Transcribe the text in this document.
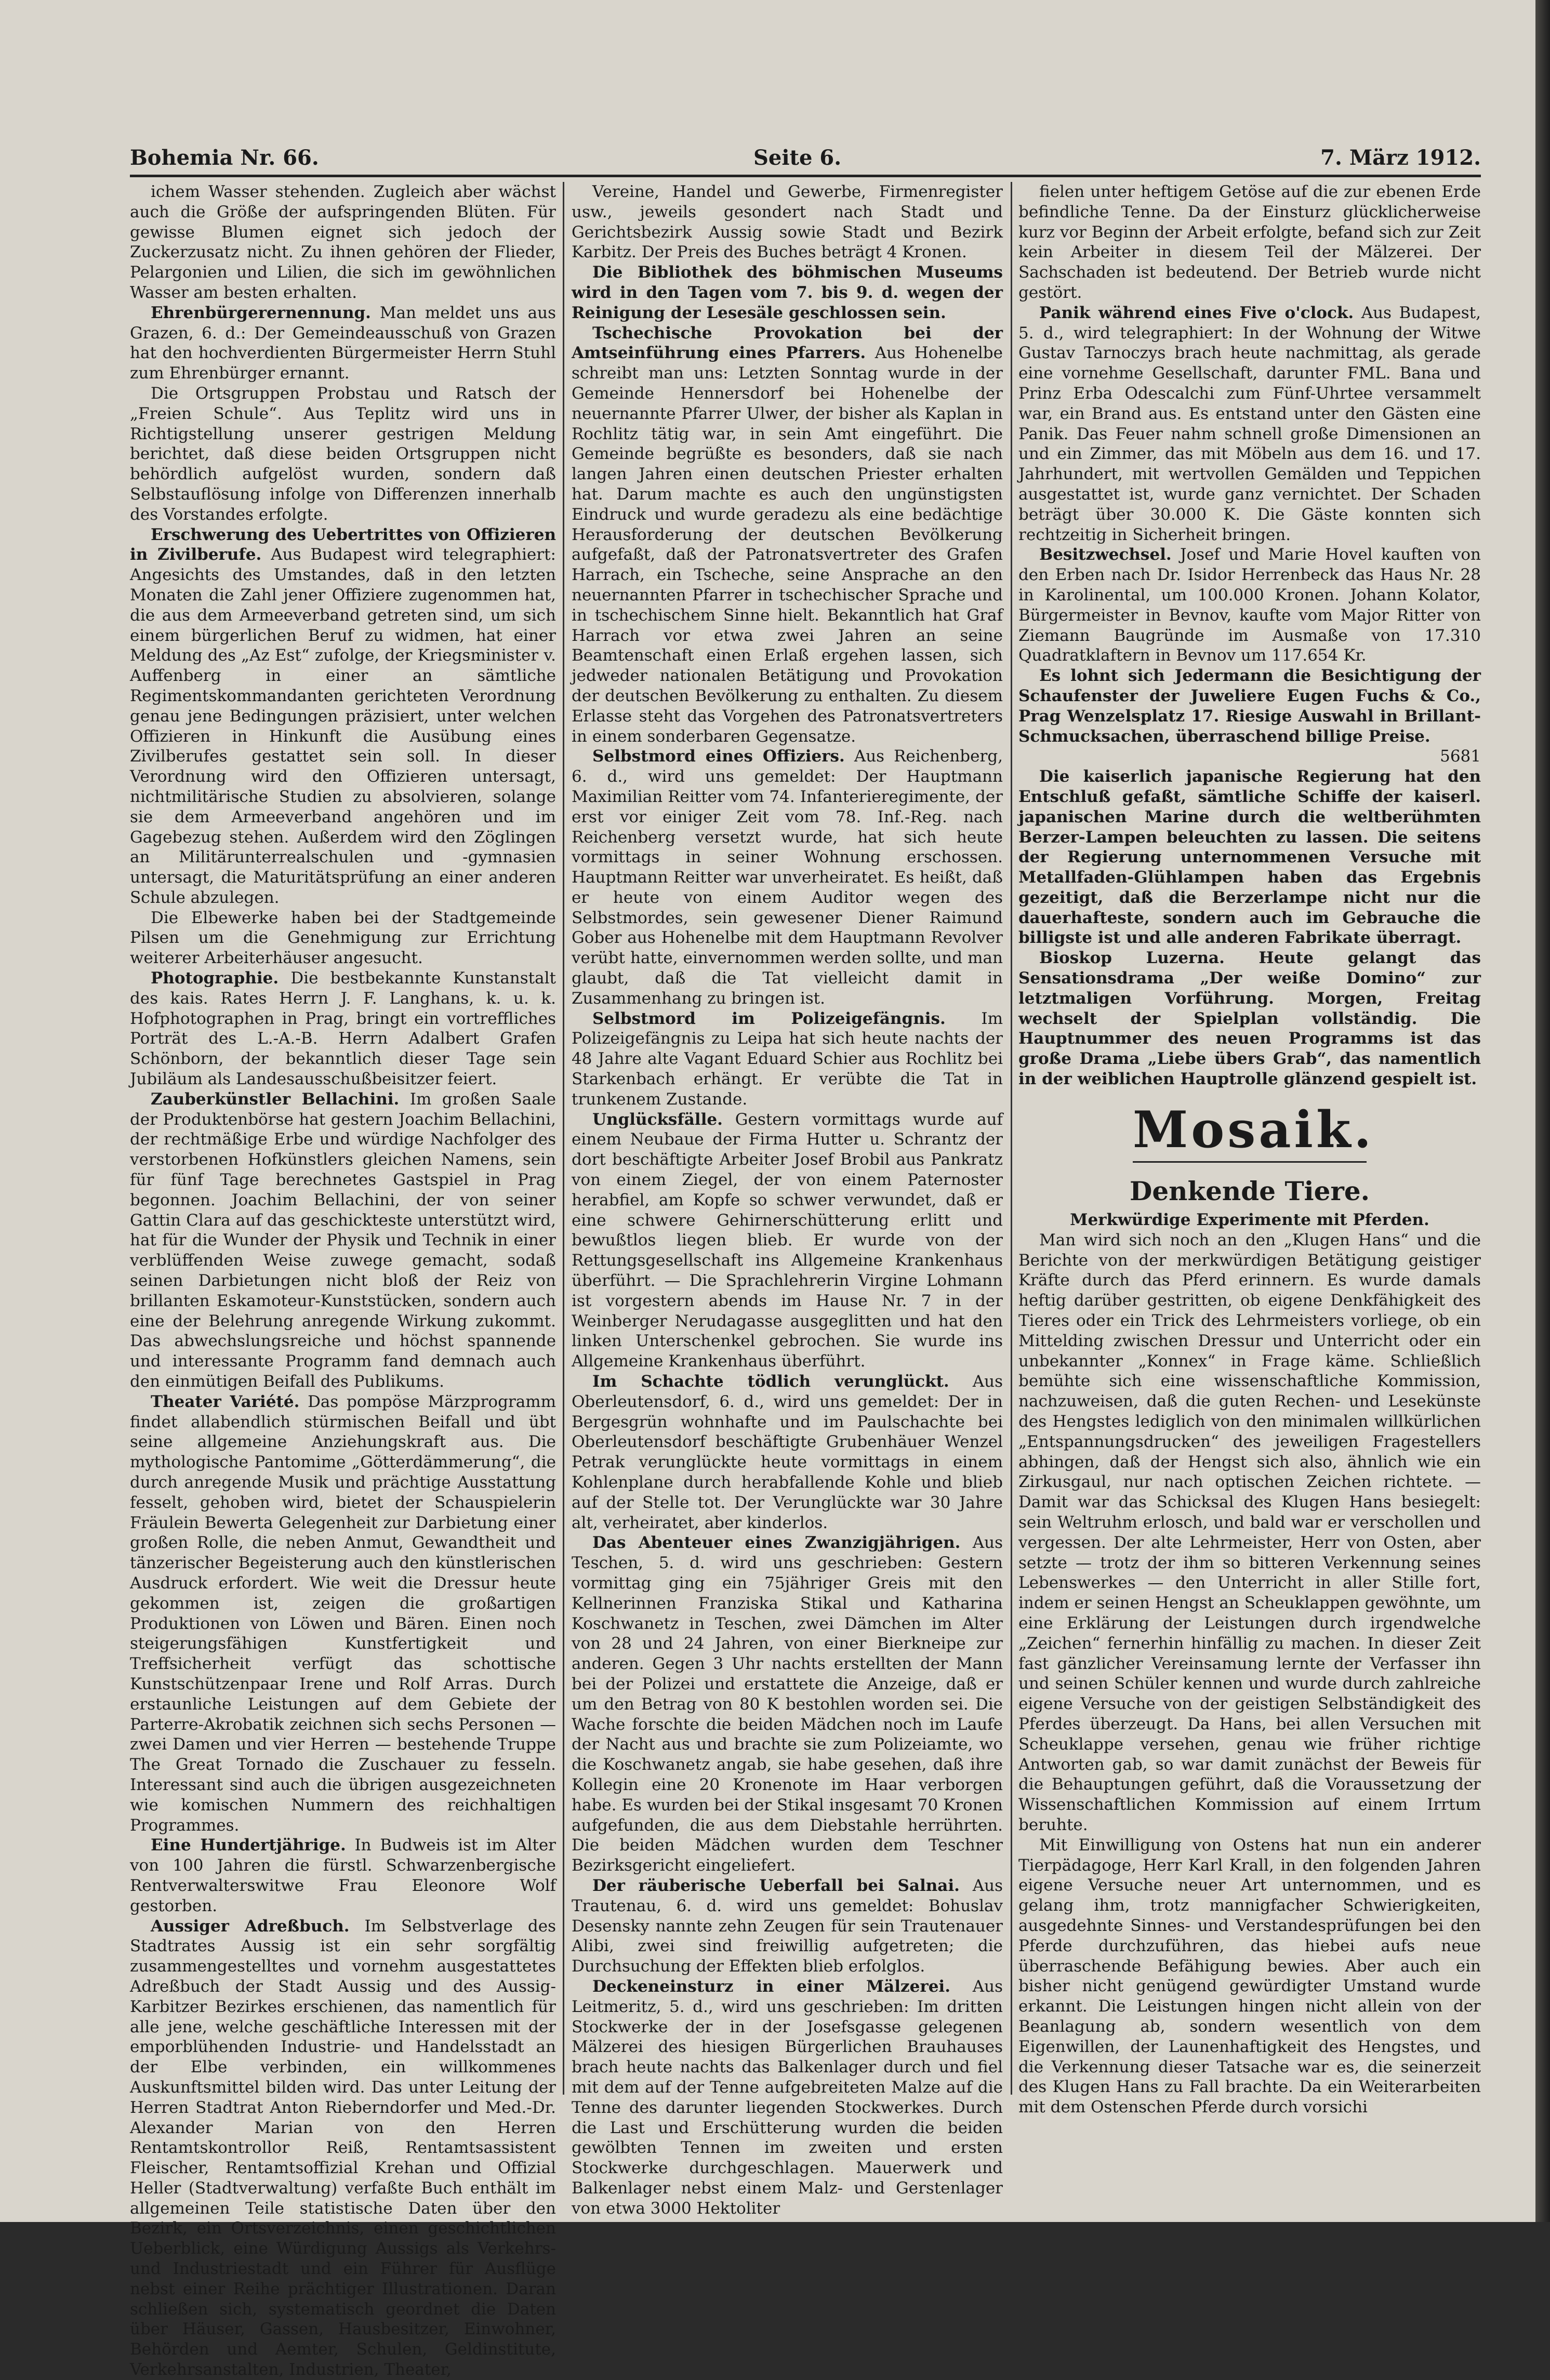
Bohemia Nr. 66.	Seite 6.	7. März 1912.

ichem Wasser stehenden. Zugleich aber wächst auch die Größe der aufspringenden Blüten. Für gewisse Blumen eignet sich jedoch der Zuckerzusatz nicht. Zu ihnen gehören der Flieder, Pelargonien und Lilien, die sich im gewöhnlichen Wasser am besten erhalten.

Ehrenbürgerernennung. Man meldet uns aus Grazen, 6. d.: Der Gemeindeausschuß von Grazen hat den hochverdienten Bürgermeister Herrn Stuhl zum Ehrenbürger ernannt.

Die Ortsgruppen Probstau und Ratsch der „Freien Schule“. Aus Teplitz wird uns in Richtigstellung unserer gestrigen Meldung berichtet, daß diese beiden Ortsgruppen nicht behördlich aufgelöst wurden, sondern daß Selbstauflösung infolge von Differenzen innerhalb des Vorstandes erfolgte.

Erschwerung des Uebertrittes von Offizieren in Zivilberufe. Aus Budapest wird telegraphiert: Angesichts des Umstandes, daß in den letzten Monaten die Zahl jener Offiziere zugenommen hat, die aus dem Armeeverband getreten sind, um sich einem bürgerlichen Beruf zu widmen, hat einer Meldung des „Az Est“ zufolge, der Kriegsminister v. Auffenberg in einer an sämtliche Regimentskommandanten gerichteten Verordnung genau jene Bedingungen präzisiert, unter welchen Offizieren in Hinkunft die Ausübung eines Zivilberufes gestattet sein soll. In dieser Verordnung wird den Offizieren untersagt, nichtmilitärische Studien zu absolvieren, solange sie dem Armeeverband angehören und im Gagebezug stehen. Außerdem wird den Zöglingen an Militärunterrealschulen und -gymnasien untersagt, die Maturitätsprüfung an einer anderen Schule abzulegen.

Die Elbewerke haben bei der Stadtgemeinde Pilsen um die Genehmigung zur Errichtung weiterer Arbeiterhäuser angesucht.

Photographie. Die bestbekannte Kunstanstalt des kais. Rates Herrn J. F. Langhans, k. u. k. Hofphotographen in Prag, bringt ein vortreffliches Porträt des L.-A.-B. Herrn Adalbert Grafen Schönborn, der bekanntlich dieser Tage sein Jubiläum als Landesausschußbeisitzer feiert.

Zauberkünstler Bellachini. Im großen Saale der Produktenbörse hat gestern Joachim Bellachini, der rechtmäßige Erbe und würdige Nachfolger des verstorbenen Hofkünstlers gleichen Namens, sein für fünf Tage berechnetes Gastspiel in Prag begonnen. Joachim Bellachini, der von seiner Gattin Clara auf das geschickteste unterstützt wird, hat für die Wunder der Physik und Technik in einer verblüffenden Weise zuwege gemacht, sodaß seinen Darbietungen nicht bloß der Reiz von brillanten Eskamoteur-Kunststücken, sondern auch eine der Belehrung anregende Wirkung zukommt. Das abwechslungsreiche und höchst spannende und interessante Programm fand demnach auch den einmütigen Beifall des Publikums.

Theater Variété. Das pompöse Märzprogramm findet allabendlich stürmischen Beifall und übt seine allgemeine Anziehungskraft aus. Die mythologische Pantomime „Götterdämmerung“, die durch anregende Musik und prächtige Ausstattung fesselt, gehoben wird, bietet der Schauspielerin Fräulein Bewerta Gelegenheit zur Darbietung einer großen Rolle, die neben Anmut, Gewandtheit und tänzerischer Begeisterung auch den künstlerischen Ausdruck erfordert. Wie weit die Dressur heute gekommen ist, zeigen die großartigen Produktionen von Löwen und Bären. Einen noch steigerungsfähigen Kunstfertigkeit und Treffsicherheit verfügt das schottische Kunstschützenpaar Irene und Rolf Arras. Durch erstaunliche Leistungen auf dem Gebiete der Parterre-Akrobatik zeichnen sich sechs Personen — zwei Damen und vier Herren — bestehende Truppe The Great Tornado die Zuschauer zu fesseln. Interessant sind auch die übrigen ausgezeichneten wie komischen Nummern des reichhaltigen Programmes.

Eine Hundertjährige. In Budweis ist im Alter von 100 Jahren die fürstl. Schwarzenbergische Rentverwalterswitwe Frau Eleonore Wolf gestorben.

Aussiger Adreßbuch. Im Selbstverlage des Stadtrates Aussig ist ein sehr sorgfältig zusammengestelltes und vornehm ausgestattetes Adreßbuch der Stadt Aussig und des Aussig-Karbitzer Bezirkes erschienen, das namentlich für alle jene, welche geschäftliche Interessen mit der emporblühenden Industrie- und Handelsstadt an der Elbe verbinden, ein willkommenes Auskunftsmittel bilden wird. Das unter Leitung der Herren Stadtrat Anton Rieberndorfer und Med.-Dr. Alexander Marian von den Herren Rentamtskontrollor Reiß, Rentamtsassistent Fleischer, Rentamtsoffizial Krehan und Offizial Heller (Stadtverwaltung) verfaßte Buch enthält im allgemeinen Teile statistische Daten über den Bezirk, ein Ortsverzeichnis, einen geschichtlichen Ueberblick, eine Würdigung Aussigs als Verkehrs- und Industriestadt und ein Führer für Ausflüge nebst einer Reihe prächtiger Illustrationen. Daran schließen sich, systematisch geordnet die Daten über Häuser, Gassen, Hausbesitzer, Einwohner, Behörden und Aemter, Schulen, Geldinstitute, Verkehrsanstalten, Industrien, Theater,

Vereine, Handel und Gewerbe, Firmenregister usw., jeweils gesondert nach Stadt und Gerichtsbezirk Aussig sowie Stadt und Bezirk Karbitz. Der Preis des Buches beträgt 4 Kronen.

Die Bibliothek des böhmischen Museums wird in den Tagen vom 7. bis 9. d. wegen der Reinigung der Lesesäle geschlossen sein.

Tschechische Provokation bei der Amtseinführung eines Pfarrers. Aus Hohenelbe schreibt man uns: Letzten Sonntag wurde in der Gemeinde Hennersdorf bei Hohenelbe der neuernannte Pfarrer Ulwer, der bisher als Kaplan in Rochlitz tätig war, in sein Amt eingeführt. Die Gemeinde begrüßte es besonders, daß sie nach langen Jahren einen deutschen Priester erhalten hat. Darum machte es auch den ungünstigsten Eindruck und wurde geradezu als eine bedächtige Herausforderung der deutschen Bevölkerung aufgefaßt, daß der Patronatsvertreter des Grafen Harrach, ein Tscheche, seine Ansprache an den neuernannten Pfarrer in tschechischer Sprache und in tschechischem Sinne hielt. Bekanntlich hat Graf Harrach vor etwa zwei Jahren an seine Beamtenschaft einen Erlaß ergehen lassen, sich jedweder nationalen Betätigung und Provokation der deutschen Bevölkerung zu enthalten. Zu diesem Erlasse steht das Vorgehen des Patronatsvertreters in einem sonderbaren Gegensatze.

Selbstmord eines Offiziers. Aus Reichenberg, 6. d., wird uns gemeldet: Der Hauptmann Maximilian Reitter vom 74. Infanterieregimente, der erst vor einiger Zeit vom 78. Inf.-Reg. nach Reichenberg versetzt wurde, hat sich heute vormittags in seiner Wohnung erschossen. Hauptmann Reitter war unverheiratet. Es heißt, daß er heute von einem Auditor wegen des Selbstmordes, sein gewesener Diener Raimund Gober aus Hohenelbe mit dem Hauptmann Revolver verübt hatte, einvernommen werden sollte, und man glaubt, daß die Tat vielleicht damit in Zusammenhang zu bringen ist.

Selbstmord im Polizeigefängnis. Im Polizeigefängnis zu Leipa hat sich heute nachts der 48 Jahre alte Vagant Eduard Schier aus Rochlitz bei Starkenbach erhängt. Er verübte die Tat in trunkenem Zustande.

Unglücksfälle. Gestern vormittags wurde auf einem Neubaue der Firma Hutter u. Schrantz der dort beschäftigte Arbeiter Josef Brobil aus Pankratz von einem Ziegel, der von einem Paternoster herabfiel, am Kopfe so schwer verwundet, daß er eine schwere Gehirnerschütterung erlitt und bewußtlos liegen blieb. Er wurde von der Rettungsgesellschaft ins Allgemeine Krankenhaus überführt. — Die Sprachlehrerin Virgine Lohmann ist vorgestern abends im Hause Nr. 7 in der Weinberger Nerudagasse ausgeglitten und hat den linken Unterschenkel gebrochen. Sie wurde ins Allgemeine Krankenhaus überführt.

Im Schachte tödlich verunglückt. Aus Oberleutensdorf, 6. d., wird uns gemeldet: Der in Bergesgrün wohnhafte und im Paulschachte bei Oberleutensdorf beschäftigte Grubenhäuer Wenzel Petrak verunglückte heute vormittags in einem Kohlenplane durch herabfallende Kohle und blieb auf der Stelle tot. Der Verunglückte war 30 Jahre alt, verheiratet, aber kinderlos.

Das Abenteuer eines Zwanzigjährigen. Aus Teschen, 5. d. wird uns geschrieben: Gestern vormittag ging ein 75jähriger Greis mit den Kellnerinnen Franziska Stikal und Katharina Koschwanetz in Teschen, zwei Dämchen im Alter von 28 und 24 Jahren, von einer Bierkneipe zur anderen. Gegen 3 Uhr nachts erstellten der Mann bei der Polizei und erstattete die Anzeige, daß er um den Betrag von 80 K bestohlen worden sei. Die Wache forschte die beiden Mädchen noch im Laufe der Nacht aus und brachte sie zum Polizeiamte, wo die Koschwanetz angab, sie habe gesehen, daß ihre Kollegin eine 20 Kronenote im Haar verborgen habe. Es wurden bei der Stikal insgesamt 70 Kronen aufgefunden, die aus dem Diebstahle herrührten. Die beiden Mädchen wurden dem Teschner Bezirksgericht eingeliefert.

Der räuberische Ueberfall bei Salnai. Aus Trautenau, 6. d. wird uns gemeldet: Bohuslav Desensky nannte zehn Zeugen für sein Trautenauer Alibi, zwei sind freiwillig aufgetreten; die Durchsuchung der Effekten blieb erfolglos.

Deckeneinsturz in einer Mälzerei. Aus Leitmeritz, 5. d., wird uns geschrieben: Im dritten Stockwerke der in der Josefsgasse gelegenen Mälzerei des hiesigen Bürgerlichen Brauhauses brach heute nachts das Balkenlager durch und fiel mit dem auf der Tenne aufgebreiteten Malze auf die Tenne des darunter liegenden Stockwerkes. Durch die Last und Erschütterung wurden die beiden gewölbten Tennen im zweiten und ersten Stockwerke durchgeschlagen. Mauerwerk und Balkenlager nebst einem Malz- und Gerstenlager von etwa 3000 Hektoliter

fielen unter heftigem Getöse auf die zur ebenen Erde befindliche Tenne. Da der Einsturz glücklicherweise kurz vor Beginn der Arbeit erfolgte, befand sich zur Zeit kein Arbeiter in diesem Teil der Mälzerei. Der Sachschaden ist bedeutend. Der Betrieb wurde nicht gestört.

Panik während eines Five o'clock. Aus Budapest, 5. d., wird telegraphiert: In der Wohnung der Witwe Gustav Tarnoczys brach heute nachmittag, als gerade eine vornehme Gesellschaft, darunter FML. Bana und Prinz Erba Odescalchi zum Fünf-Uhrtee versammelt war, ein Brand aus. Es entstand unter den Gästen eine Panik. Das Feuer nahm schnell große Dimensionen an und ein Zimmer, das mit Möbeln aus dem 16. und 17. Jahrhundert, mit wertvollen Gemälden und Teppichen ausgestattet ist, wurde ganz vernichtet. Der Schaden beträgt über 30.000 K. Die Gäste konnten sich rechtzeitig in Sicherheit bringen.

Besitzwechsel. Josef und Marie Hovel kauften von den Erben nach Dr. Isidor Herrenbeck das Haus Nr. 28 in Karolinental, um 100.000 Kronen. Johann Kolator, Bürgermeister in Bevnov, kaufte vom Major Ritter von Ziemann Baugründe im Ausmaße von 17.310 Quadratklaftern in Bevnov um 117.654 Kr.

Es lohnt sich Jedermann die Besichtigung der Schaufenster der Juweliere Eugen Fuchs & Co., Prag Wenzelsplatz 17. Riesige Auswahl in Brillant-Schmucksachen, überraschend billige Preise.

5681

Die kaiserlich japanische Regierung hat den Entschluß gefaßt, sämtliche Schiffe der kaiserl. japanischen Marine durch die weltberühmten Berzer-Lampen beleuchten zu lassen. Die seitens der Regierung unternommenen Versuche mit Metallfaden-Glühlampen haben das Ergebnis gezeitigt, daß die Berzerlampe nicht nur die dauerhafteste, sondern auch im Gebrauche die billigste ist und alle anderen Fabrikate überragt.

Bioskop Luzerna. Heute gelangt das Sensationsdrama „Der weiße Domino“ zur letztmaligen Vorführung. Morgen, Freitag wechselt der Spielplan vollständig. Die Hauptnummer des neuen Programms ist das große Drama „Liebe übers Grab“, das namentlich in der weiblichen Hauptrolle glänzend gespielt ist.

Mosaik.
Denkende Tiere.
Merkwürdige Experimente mit Pferden.

Man wird sich noch an den „Klugen Hans“ und die Berichte von der merkwürdigen Betätigung geistiger Kräfte durch das Pferd erinnern. Es wurde damals heftig darüber gestritten, ob eigene Denkfähigkeit des Tieres oder ein Trick des Lehrmeisters vorliege, ob ein Mittelding zwischen Dressur und Unterricht oder ein unbekannter „Konnex“ in Frage käme. Schließlich bemühte sich eine wissenschaftliche Kommission, nachzuweisen, daß die guten Rechen- und Lesekünste des Hengstes lediglich von den minimalen willkürlichen „Entspannungsdrucken“ des jeweiligen Fragestellers abhingen, daß der Hengst sich also, ähnlich wie ein Zirkusgaul, nur nach optischen Zeichen richtete. — Damit war das Schicksal des Klugen Hans besiegelt: sein Weltruhm erlosch, und bald war er verschollen und vergessen. Der alte Lehrmeister, Herr von Osten, aber setzte — trotz der ihm so bitteren Verkennung seines Lebenswerkes — den Unterricht in aller Stille fort, indem er seinen Hengst an Scheuklappen gewöhnte, um eine Erklärung der Leistungen durch irgendwelche „Zeichen“ fernerhin hinfällig zu machen. In dieser Zeit fast gänzlicher Vereinsamung lernte der Verfasser ihn und seinen Schüler kennen und wurde durch zahlreiche eigene Versuche von der geistigen Selbständigkeit des Pferdes überzeugt. Da Hans, bei allen Versuchen mit Scheuklappe versehen, genau wie früher richtige Antworten gab, so war damit zunächst der Beweis für die Behauptungen geführt, daß die Voraussetzung der Wissenschaftlichen Kommission auf einem Irrtum beruhte.

Mit Einwilligung von Ostens hat nun ein anderer Tierpädagoge, Herr Karl Krall, in den folgenden Jahren eigene Versuche neuer Art unternommen, und es gelang ihm, trotz mannigfacher Schwierigkeiten, ausgedehnte Sinnes- und Verstandesprüfungen bei den Pferde durchzuführen, das hiebei aufs neue überraschende Befähigung bewies. Aber auch ein bisher nicht genügend gewürdigter Umstand wurde erkannt. Die Leistungen hingen nicht allein von der Beanlagung ab, sondern wesentlich von dem Eigenwillen, der Launenhaftigkeit des Hengstes, und die Verkennung dieser Tatsache war es, die seinerzeit des Klugen Hans zu Fall brachte. Da ein Weiterarbeiten mit dem Ostenschen Pferde durch vorsichi
